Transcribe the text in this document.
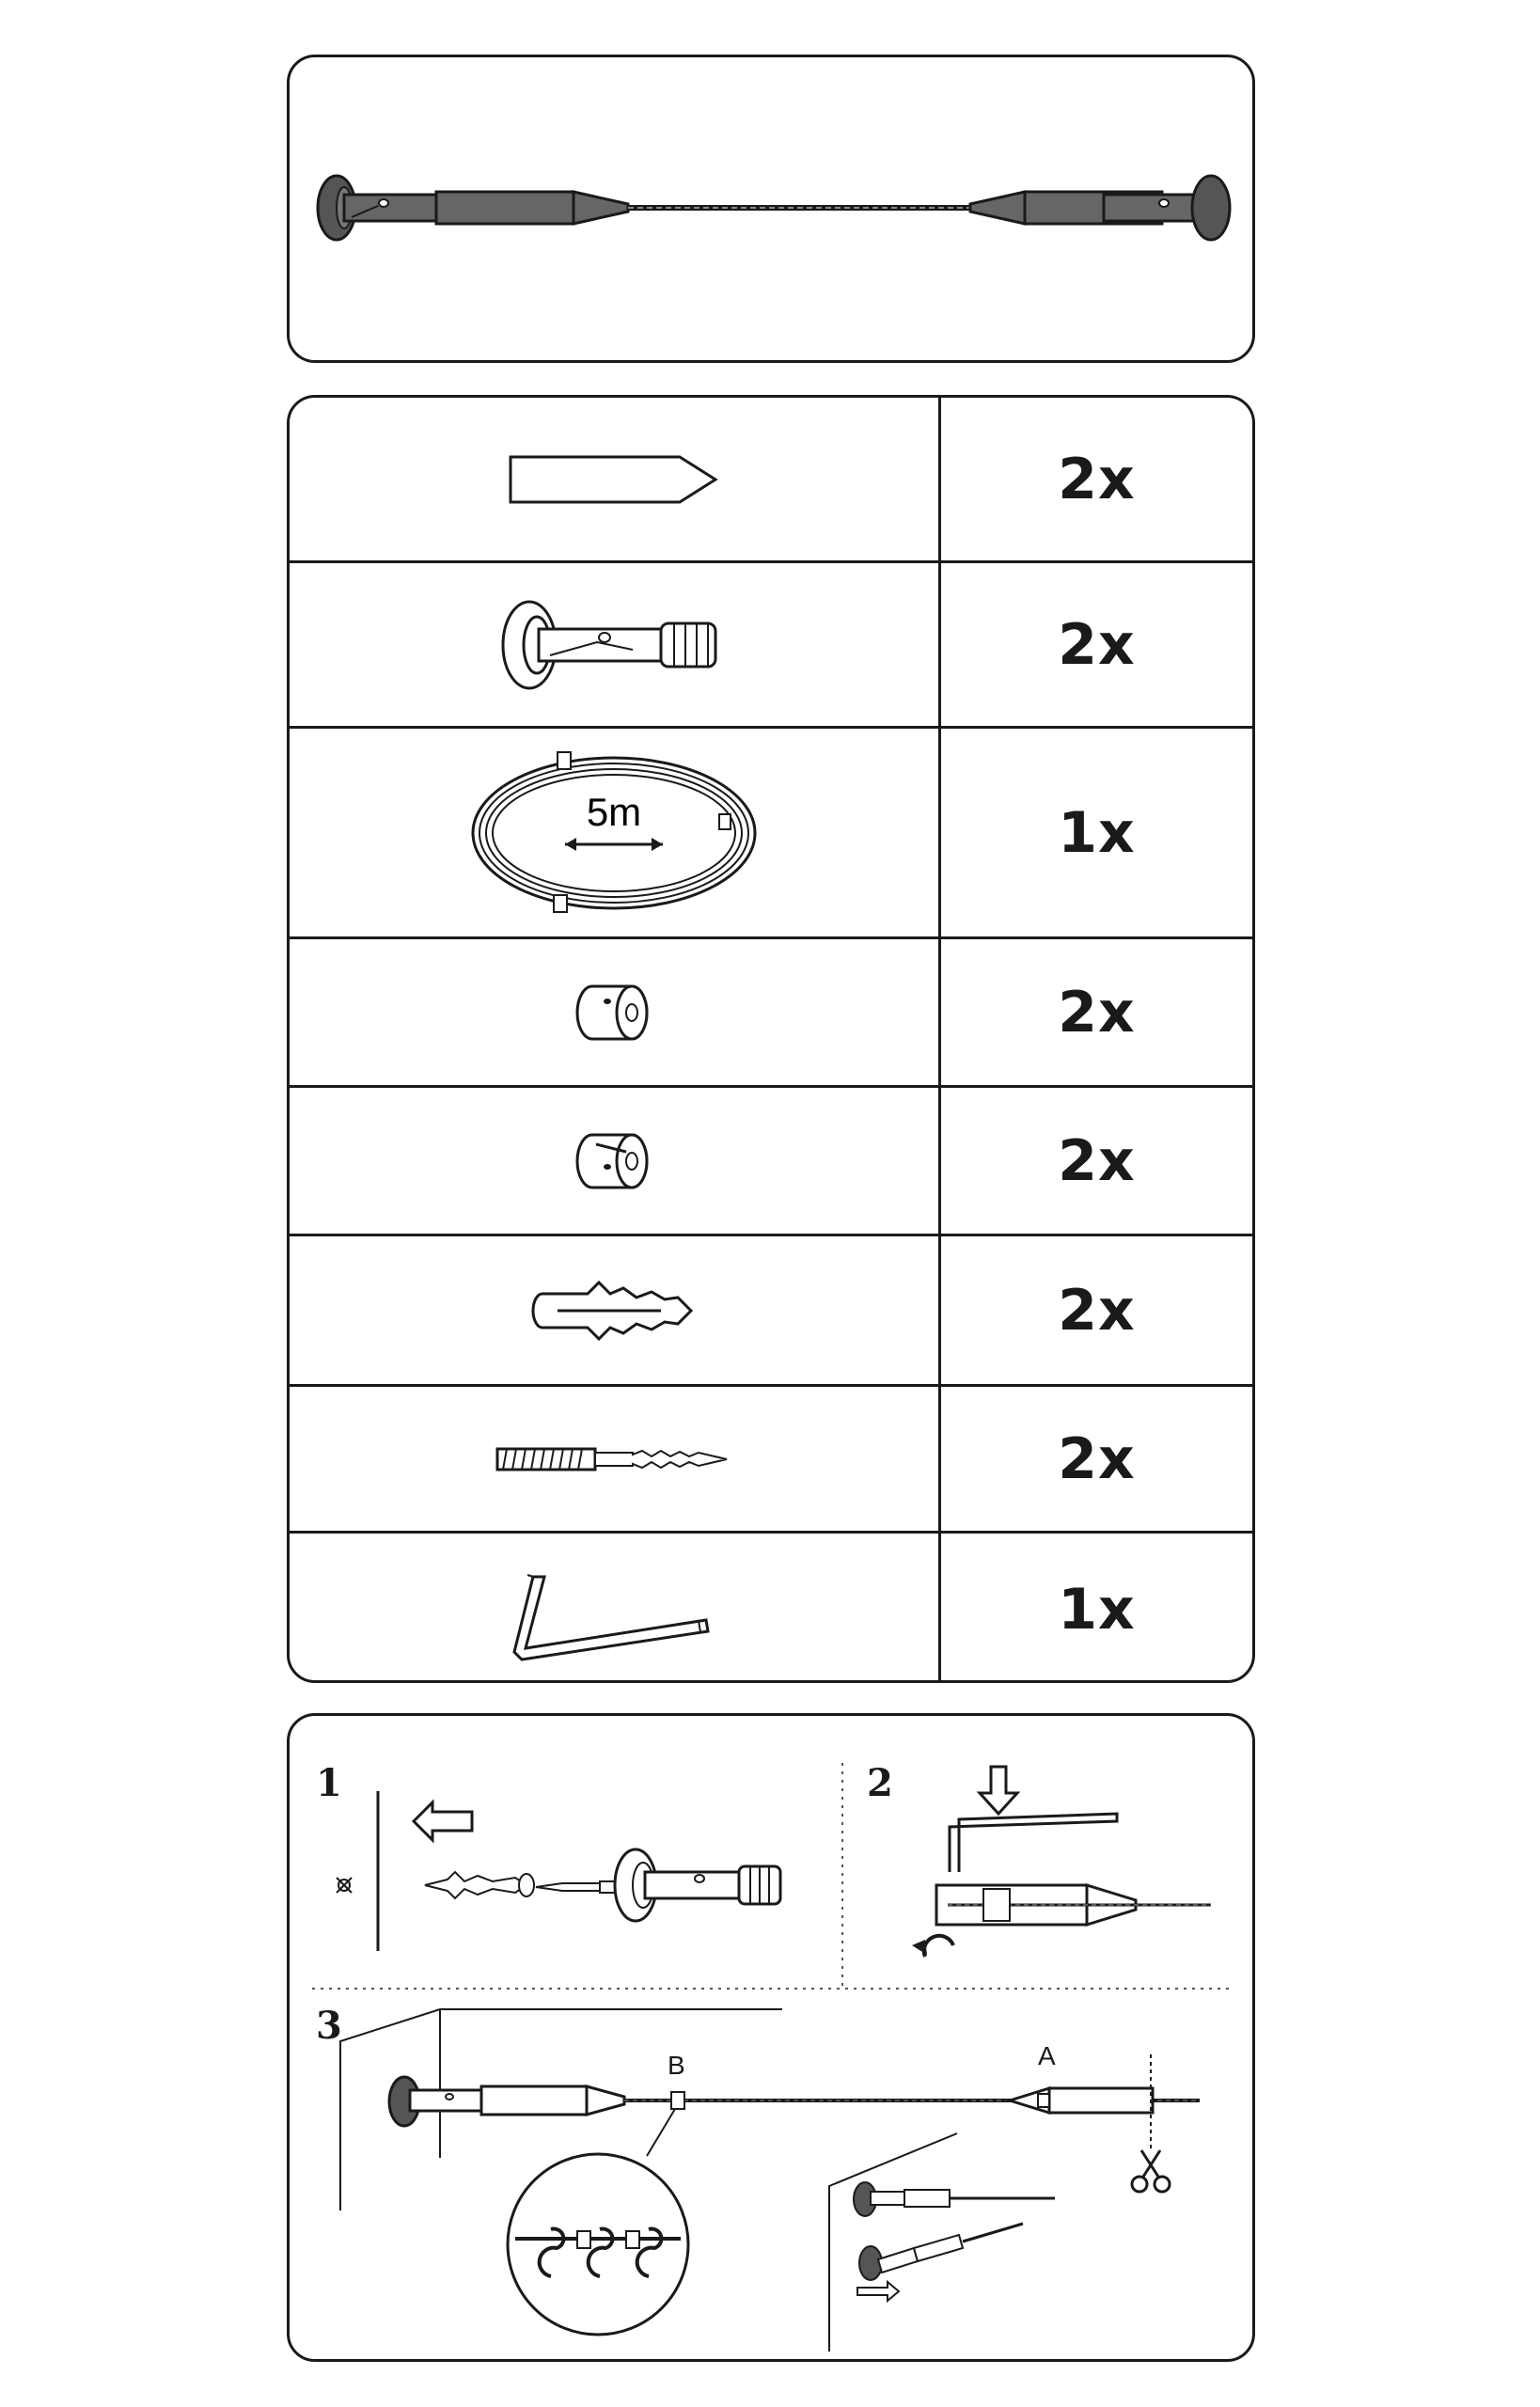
2x
2x
5m	1x
2x
2x
2x
2x
1x
1	2
3
B	A
